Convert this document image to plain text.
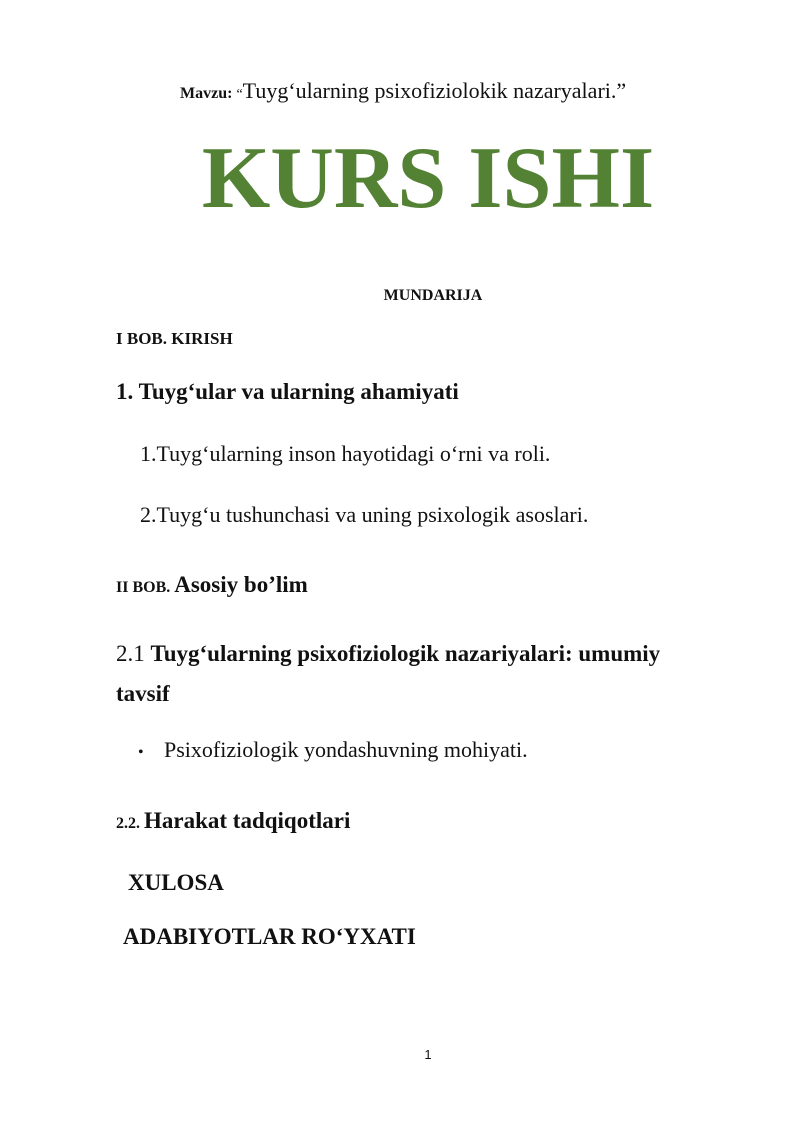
Mavzu: “Tuyg‘ularning psixofiziolokik nazaryalari.”
KURS ISHI
MUNDARIJA
I BOB. KIRISH
1. Tuyg‘ular va ularning ahamiyati
1.Tuyg‘ularning inson hayotidagi o‘rni va roli.
2.Tuyg‘u tushunchasi va uning psixologik asoslari.
II BOB. Asosiy bo’lim
2.1 Tuyg‘ularning psixofiziologik nazariyalari: umumiy tavsif
• Psixofiziologik yondashuvning mohiyati.
2.2. Harakat tadqiqotlari
XULOSA
ADABIYOTLAR RO‘YXATI
1
